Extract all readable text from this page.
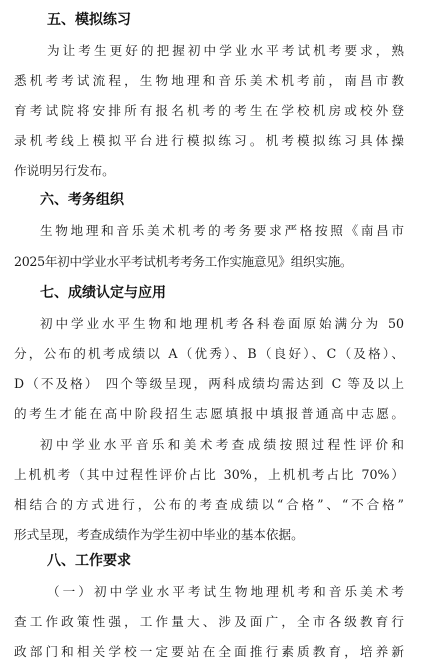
五、模拟练习
为让考生更好的把握初中学业水平考试机考要求，熟
悉机考考试流程，生物地理和音乐美术机考前，南昌市教
育考试院将安排所有报名机考的考生在学校机房或校外登
录机考线上模拟平台进行模拟练习。机考模拟练习具体操
作说明另行发布。
六、考务组织
生物地理和音乐美术机考的考务要求严格按照《南昌市
2025年初中学业水平考试机考考务工作实施意见》组织实施。
七、成绩认定与应用
初中学业水平生物和地理机考各科卷面原始满分为 50
分，公布的机考成绩以 A（优秀）、B（良好）、C（及格）、
D（不及格） 四个等级呈现，两科成绩均需达到 C 等及以上
的考生才能在高中阶段招生志愿填报中填报普通高中志愿。
初中学业水平音乐和美术考查成绩按照过程性评价和
上机机考（其中过程性评价占比 30%，上机机考占比 70%）
相结合的方式进行，公布的考查成绩以“合格”、“不合格”
形式呈现，考查成绩作为学生初中毕业的基本依据。
八、工作要求
（一）初中学业水平考试生物地理机考和音乐美术考
查工作政策性强，工作量大、涉及面广，全市各级教育行
政部门和相关学校一定要站在全面推行素质教育，培养新
